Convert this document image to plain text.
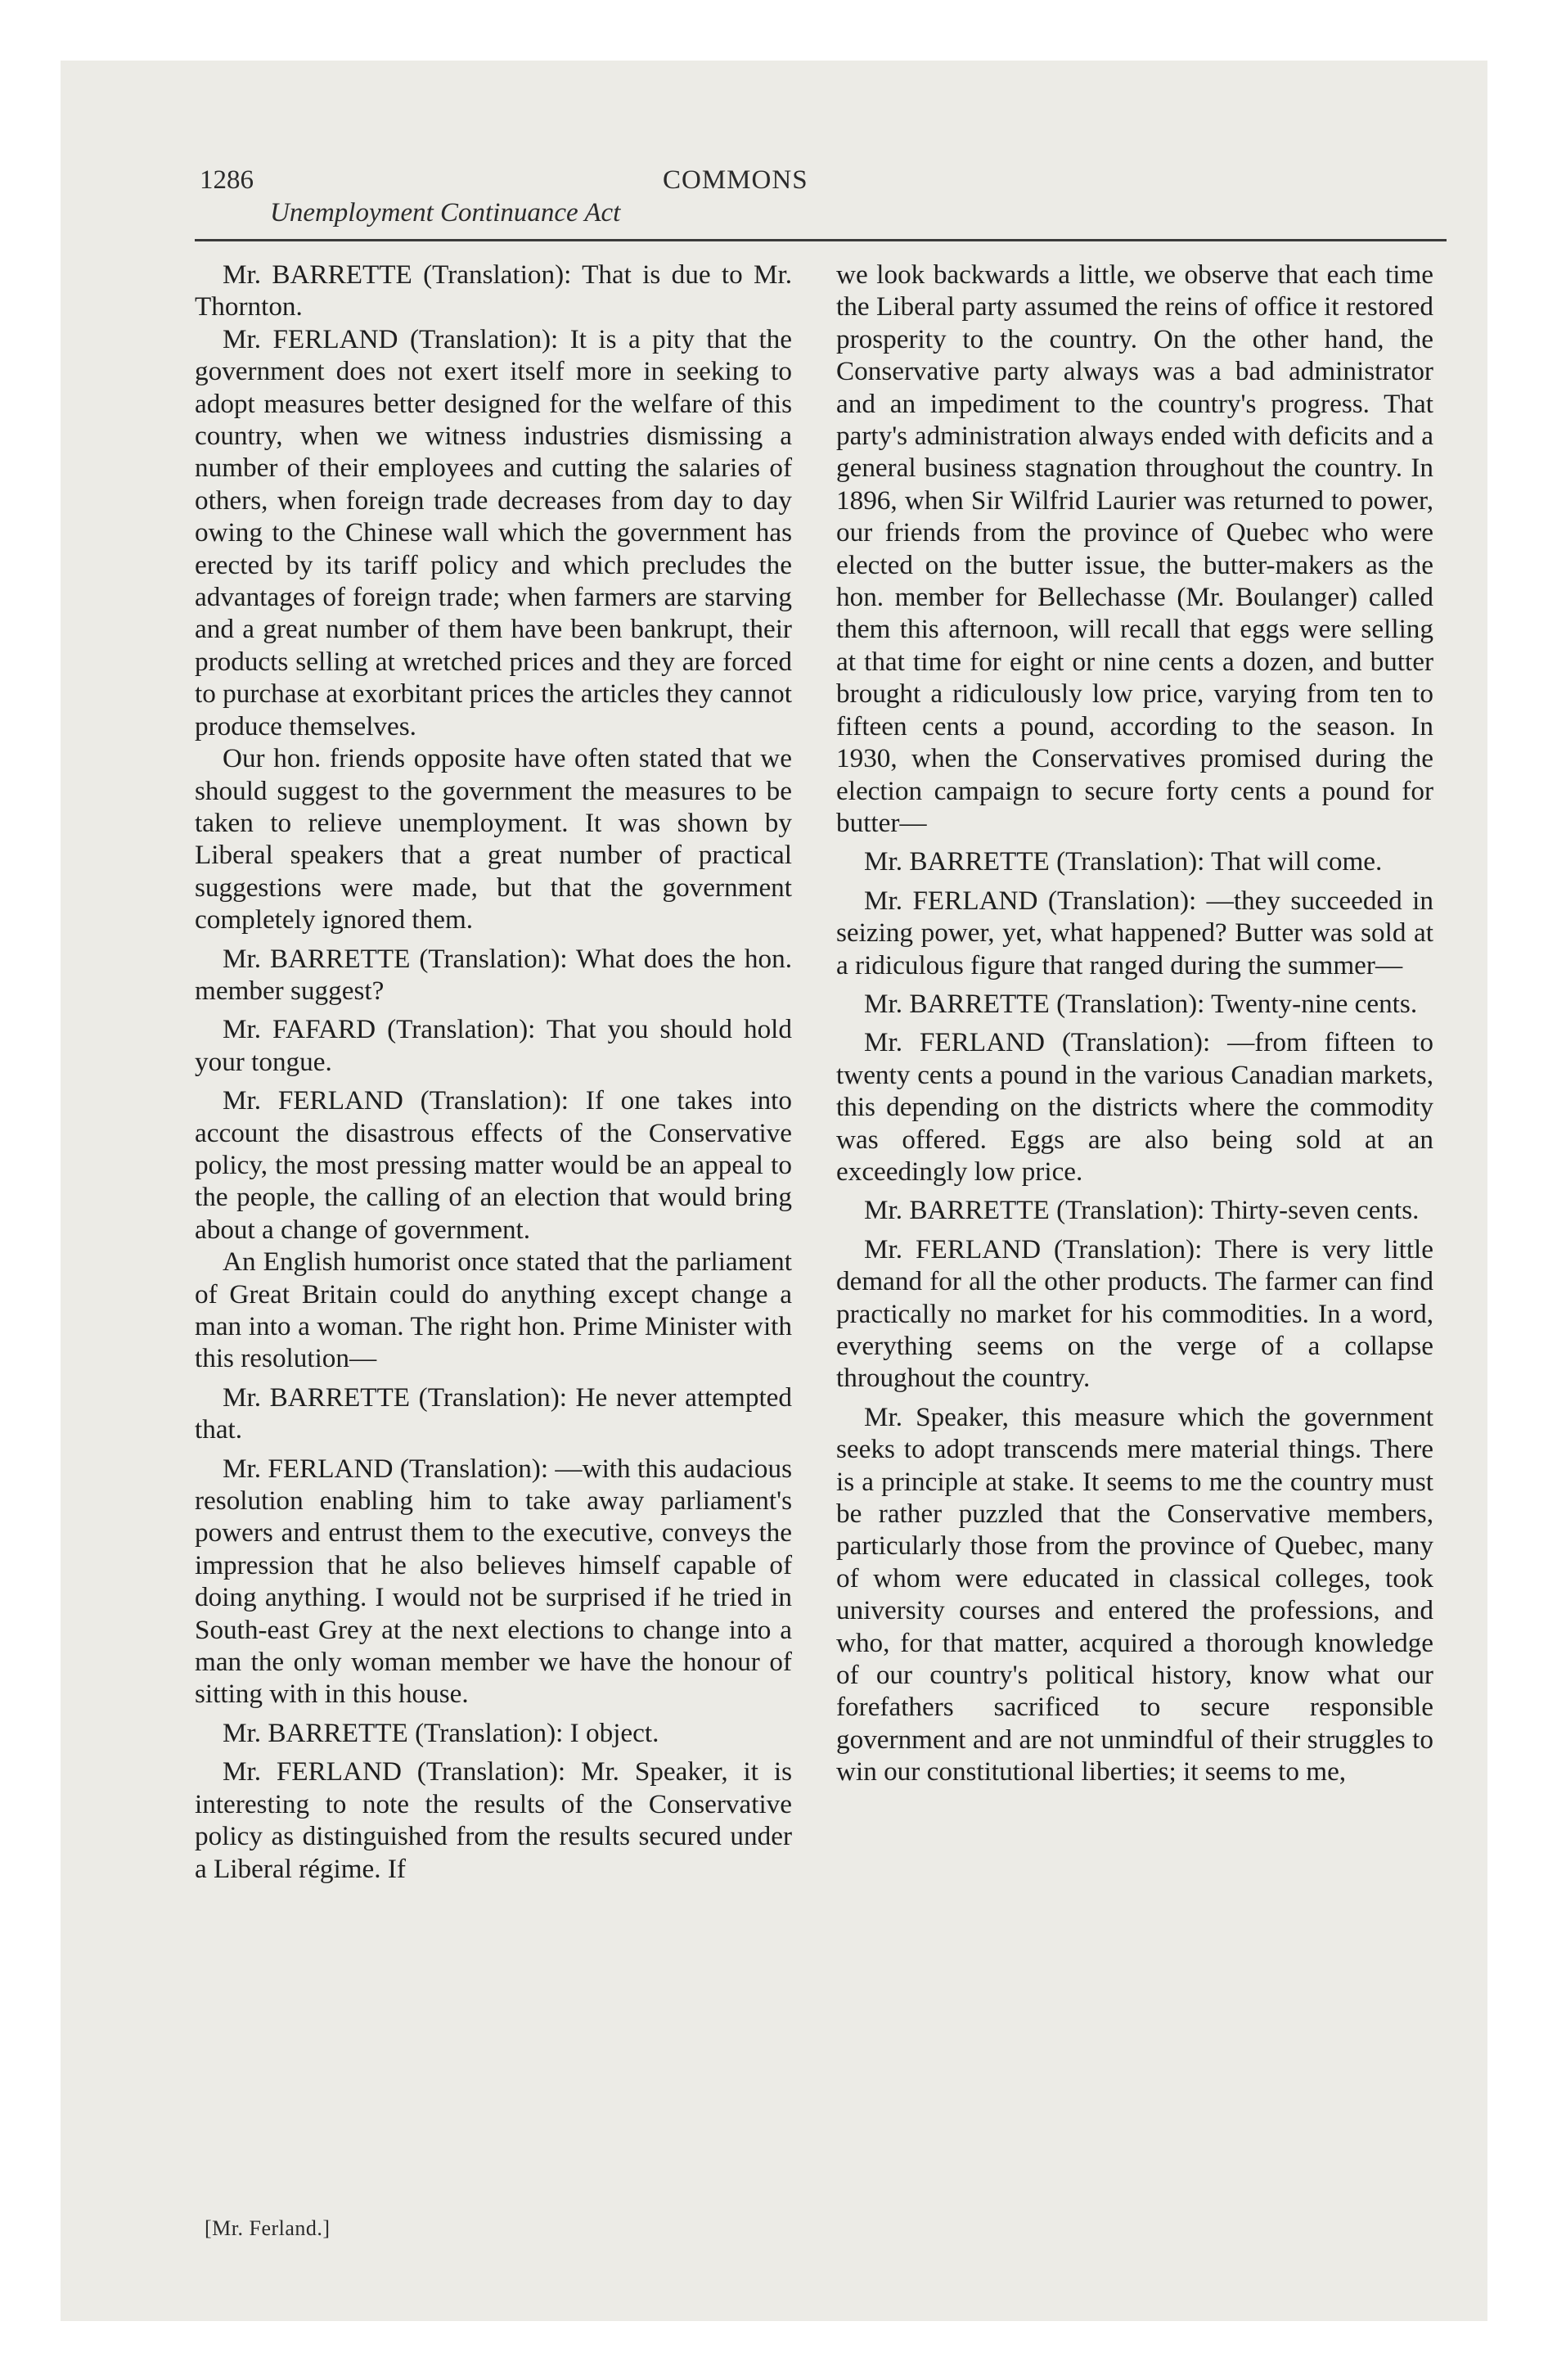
1286	COMMONS
Unemployment Continuance Act

Mr. BARRETTE (Translation): That is due to Mr. Thornton.

Mr. FERLAND (Translation): It is a pity that the government does not exert itself more in seeking to adopt measures better designed for the welfare of this country, when we witness industries dismissing a number of their employees and cutting the salaries of others, when foreign trade decreases from day to day owing to the Chinese wall which the government has erected by its tariff policy and which precludes the advantages of foreign trade; when farmers are starving and a great number of them have been bankrupt, their products selling at wretched prices and they are forced to purchase at exorbitant prices the articles they cannot produce themselves.

Our hon. friends opposite have often stated that we should suggest to the government the measures to be taken to relieve unemployment. It was shown by Liberal speakers that a great number of practical suggestions were made, but that the government completely ignored them.

Mr. BARRETTE (Translation): What does the hon. member suggest?

Mr. FAFARD (Translation): That you should hold your tongue.

Mr. FERLAND (Translation): If one takes into account the disastrous effects of the Conservative policy, the most pressing matter would be an appeal to the people, the calling of an election that would bring about a change of government.

An English humorist once stated that the parliament of Great Britain could do anything except change a man into a woman. The right hon. Prime Minister with this resolution—

Mr. BARRETTE (Translation): He never attempted that.

Mr. FERLAND (Translation): —with this audacious resolution enabling him to take away parliament's powers and entrust them to the executive, conveys the impression that he also believes himself capable of doing anything. I would not be surprised if he tried in South-east Grey at the next elections to change into a man the only woman member we have the honour of sitting with in this house.

Mr. BARRETTE (Translation): I object.

Mr. FERLAND (Translation): Mr. Speaker, it is interesting to note the results of the Conservative policy as distinguished from the results secured under a Liberal régime. If

we look backwards a little, we observe that each time the Liberal party assumed the reins of office it restored prosperity to the country. On the other hand, the Conservative party always was a bad administrator and an impediment to the country's progress. That party's administration always ended with deficits and a general business stagnation throughout the country. In 1896, when Sir Wilfrid Laurier was returned to power, our friends from the province of Quebec who were elected on the butter issue, the butter-makers as the hon. member for Bellechasse (Mr. Boulanger) called them this afternoon, will recall that eggs were selling at that time for eight or nine cents a dozen, and butter brought a ridiculously low price, varying from ten to fifteen cents a pound, according to the season. In 1930, when the Conservatives promised during the election campaign to secure forty cents a pound for butter—

Mr. BARRETTE (Translation): That will come.

Mr. FERLAND (Translation): —they succeeded in seizing power, yet, what happened? Butter was sold at a ridiculous figure that ranged during the summer—

Mr. BARRETTE (Translation): Twenty-nine cents.

Mr. FERLAND (Translation): —from fifteen to twenty cents a pound in the various Canadian markets, this depending on the districts where the commodity was offered. Eggs are also being sold at an exceedingly low price.

Mr. BARRETTE (Translation): Thirty-seven cents.

Mr. FERLAND (Translation): There is very little demand for all the other products. The farmer can find practically no market for his commodities. In a word, everything seems on the verge of a collapse throughout the country.

Mr. Speaker, this measure which the government seeks to adopt transcends mere material things. There is a principle at stake. It seems to me the country must be rather puzzled that the Conservative members, particularly those from the province of Quebec, many of whom were educated in classical colleges, took university courses and entered the professions, and who, for that matter, acquired a thorough knowledge of our country's political history, know what our forefathers sacrificed to secure responsible government and are not unmindful of their struggles to win our constitutional liberties; it seems to me,

[Mr. Ferland.]
